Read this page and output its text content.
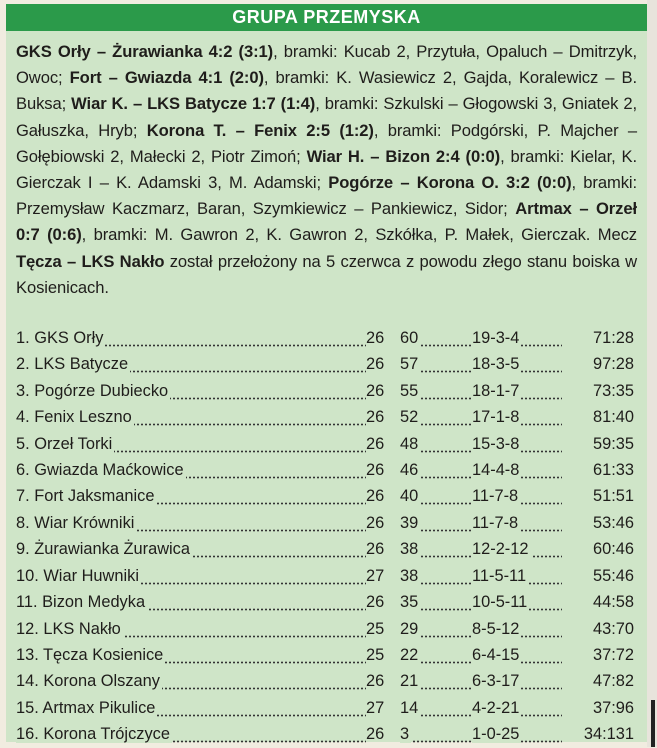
GRUPA PRZEMYSKA
GKS Orły – Żurawianka 4:2 (3:1), bramki: Kucab 2, Przytuła, Opaluch – Dmitrzyk, Owoc; Fort – Gwiazda 4:1 (2:0), bramki: K. Wasiewicz 2, Gajda, Koralewicz – B. Buksa; Wiar K. – LKS Batycze 1:7 (1:4), bramki: Szkulski – Głogowski 3, Gniatek 2, Gałuszka, Hryb; Korona T. – Fenix 2:5 (1:2), bramki: Podgórski, P. Majcher – Gołębiowski 2, Małecki 2, Piotr Zimoń; Wiar H. – Bizon 2:4 (0:0), bramki: Kielar, K. Gierczak I – K. Adamski 3, M. Adamski; Pogórze – Korona O. 3:2 (0:0), bramki: Przemysław Kaczmarz, Baran, Szymkiewicz – Pankiewicz, Sidor; Artmax – Orzeł 0:7 (0:6), bramki: M. Gawron 2, K. Gawron 2, Szkółka, P. Małek, Gierczak. Mecz Tęcza – LKS Nakło został przełożony na 5 czerwca z powodu złego stanu boiska w Kosienicach.
1. GKS Orły	26	60	19-3-4	71:28
2. LKS Batycze	26	57	18-3-5	97:28
3. Pogórze Dubiecko	26	55	18-1-7	73:35
4. Fenix Leszno	26	52	17-1-8	81:40
5. Orzeł Torki	26	48	15-3-8	59:35
6. Gwiazda Maćkowice	26	46	14-4-8	61:33
7. Fort Jaksmanice	26	40	11-7-8	51:51
8. Wiar Krówniki	26	39	11-7-8	53:46
9. Żurawianka Żurawica	26	38	12-2-12	60:46
10. Wiar Huwniki	27	38	11-5-11	55:46
11. Bizon Medyka	26	35	10-5-11	44:58
12. LKS Nakło	25	29	8-5-12	43:70
13. Tęcza Kosienice	25	22	6-4-15	37:72
14. Korona Olszany	26	21	6-3-17	47:82
15. Artmax Pikulice	27	14	4-2-21	37:96
16. Korona Trójczyce	26	3	1-0-25	34:131
